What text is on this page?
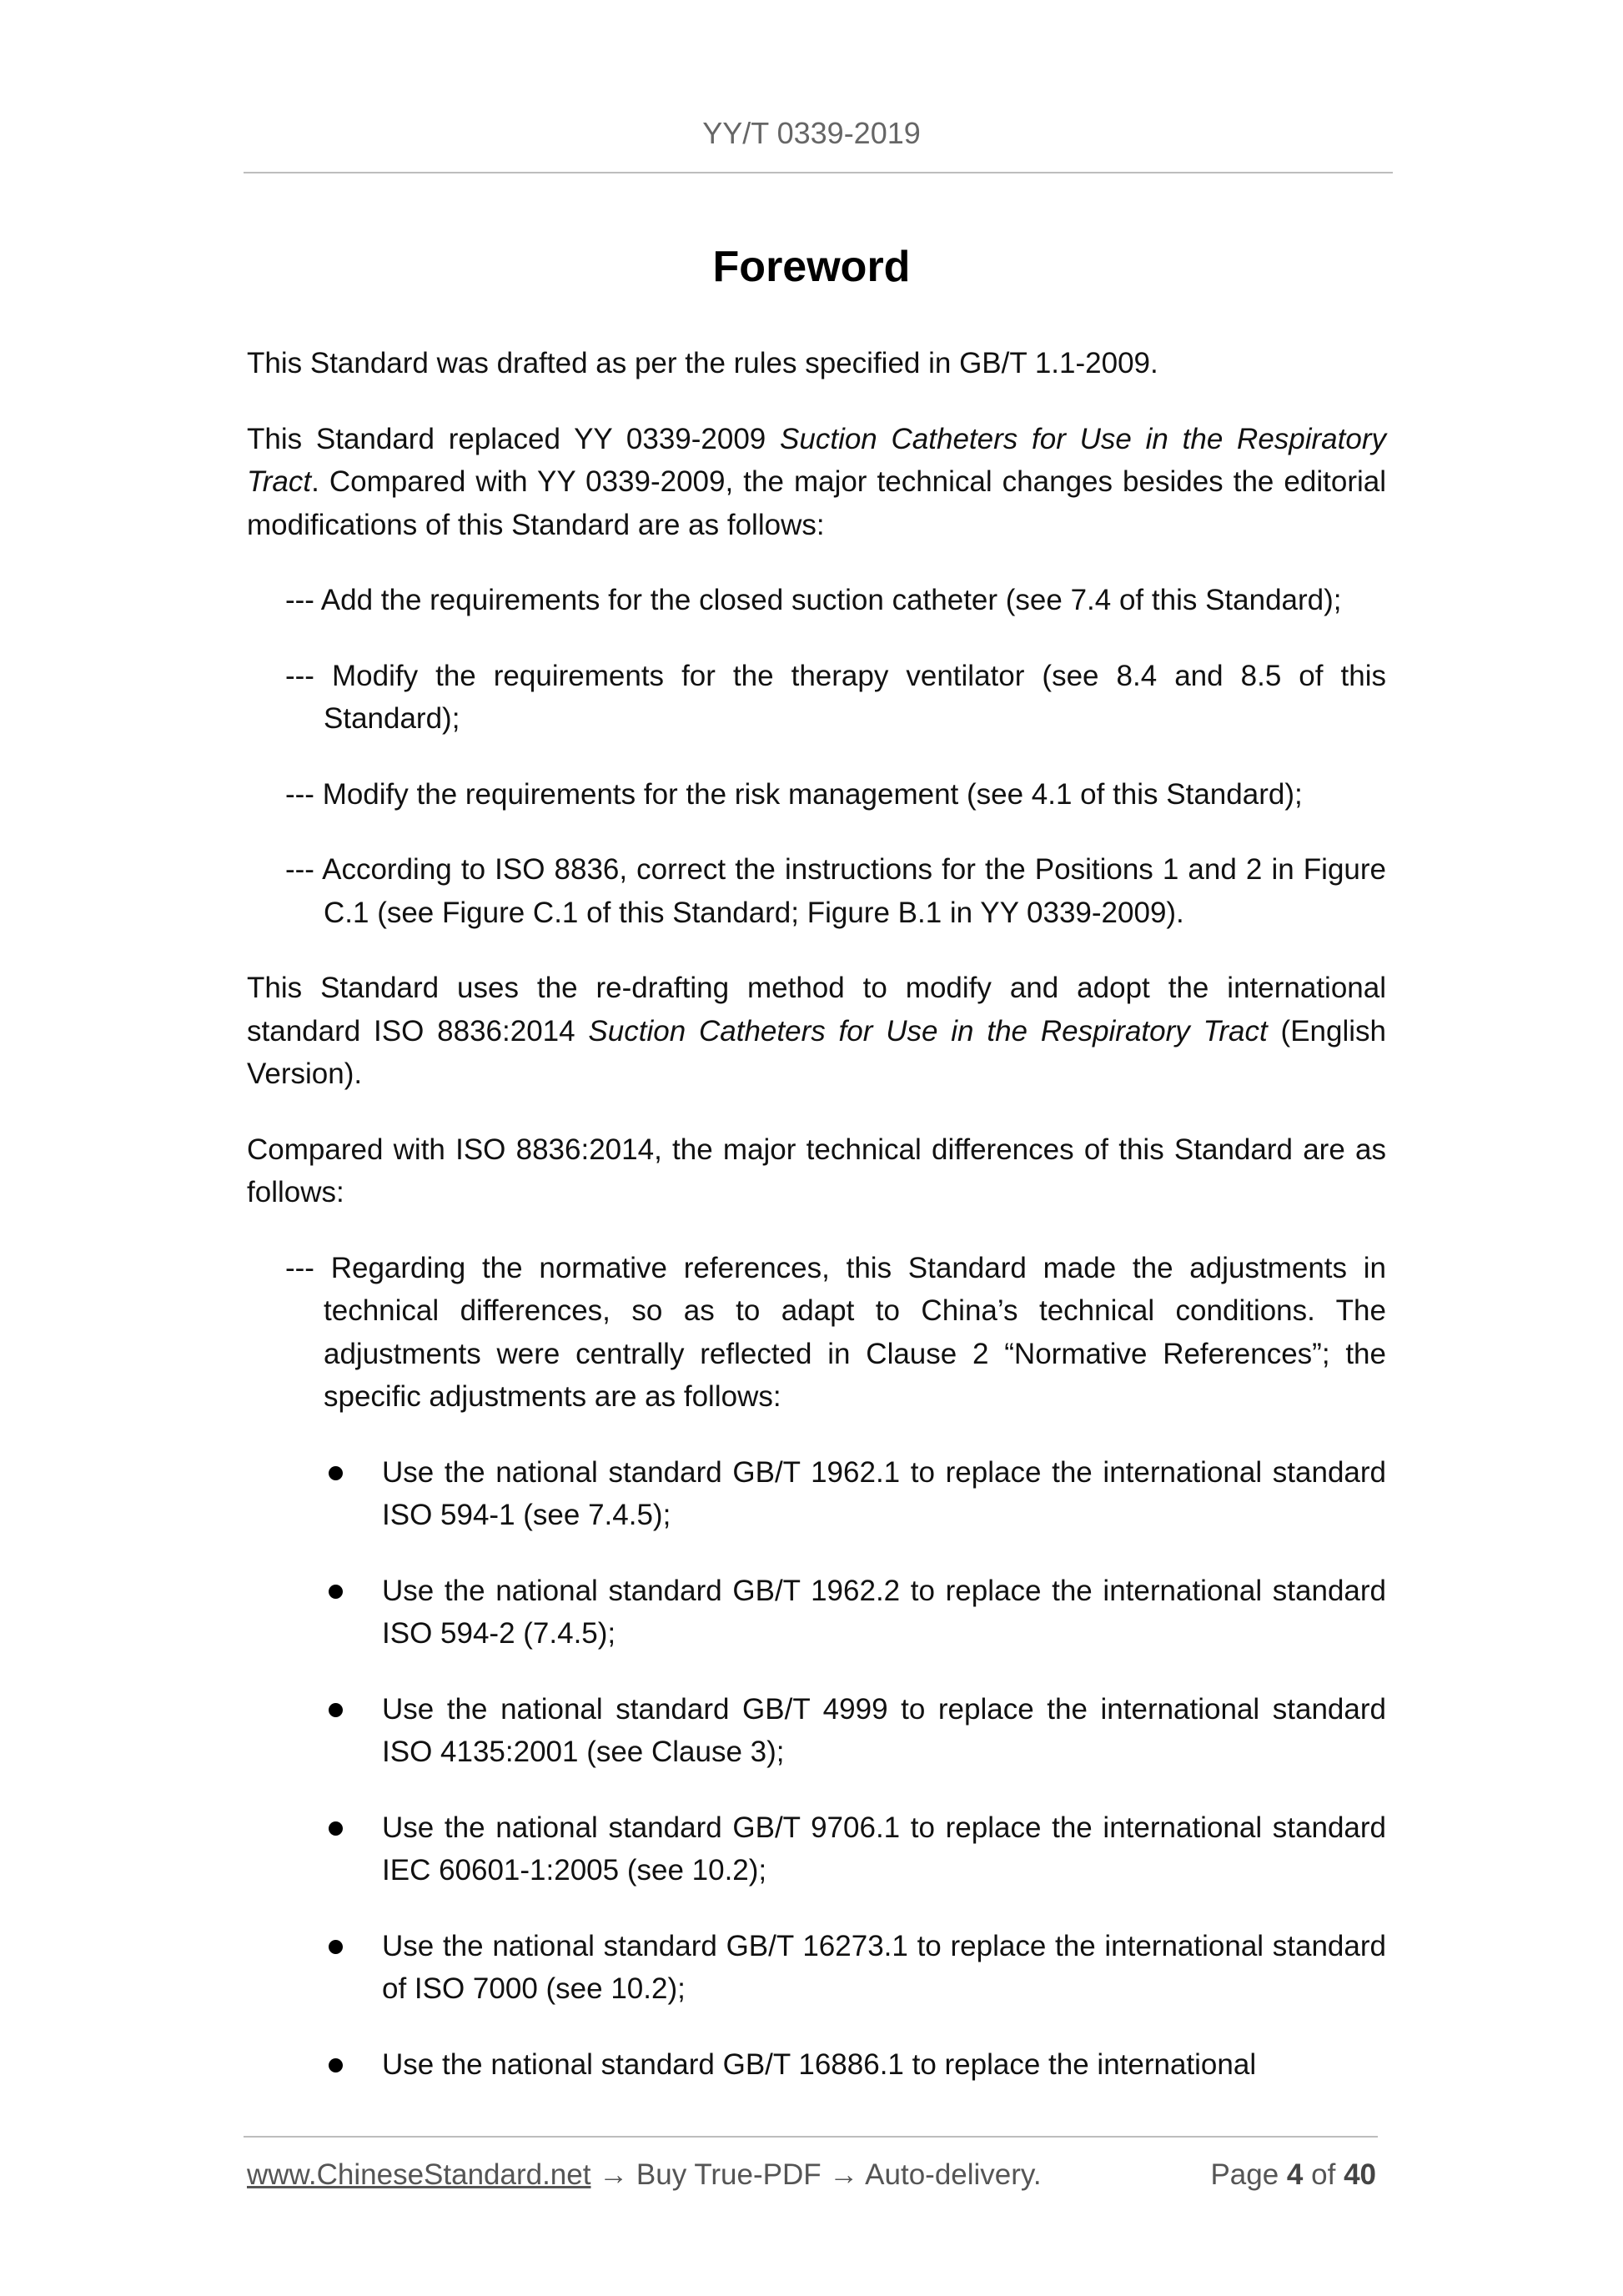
YY/T 0339-2019
Foreword

This Standard was drafted as per the rules specified in GB/T 1.1-2009.

This Standard replaced YY 0339-2009 Suction Catheters for Use in the Respiratory Tract. Compared with YY 0339-2009, the major technical changes besides the editorial modifications of this Standard are as follows:

--- Add the requirements for the closed suction catheter (see 7.4 of this Standard);
--- Modify the requirements for the therapy ventilator (see 8.4 and 8.5 of this Standard);
--- Modify the requirements for the risk management (see 4.1 of this Standard);
--- According to ISO 8836, correct the instructions for the Positions 1 and 2 in Figure C.1 (see Figure C.1 of this Standard; Figure B.1 in YY 0339-2009).

This Standard uses the re-drafting method to modify and adopt the international standard ISO 8836:2014 Suction Catheters for Use in the Respiratory Tract (English Version).

Compared with ISO 8836:2014, the major technical differences of this Standard are as follows:

--- Regarding the normative references, this Standard made the adjustments in technical differences, so as to adapt to China’s technical conditions. The adjustments were centrally reflected in Clause 2 “Normative References”; the specific adjustments are as follows:
Use the national standard GB/T 1962.1 to replace the international standard ISO 594-1 (see 7.4.5);
Use the national standard GB/T 1962.2 to replace the international standard ISO 594-2 (7.4.5);
Use the national standard GB/T 4999 to replace the international standard ISO 4135:2001 (see Clause 3);
Use the national standard GB/T 9706.1 to replace the international standard IEC 60601-1:2005 (see 10.2);
Use the national standard GB/T 16273.1 to replace the international standard of ISO 7000 (see 10.2);
Use the national standard GB/T 16886.1 to replace the international
www.ChineseStandard.net → Buy True-PDF → Auto-delivery.	Page 4 of 40
